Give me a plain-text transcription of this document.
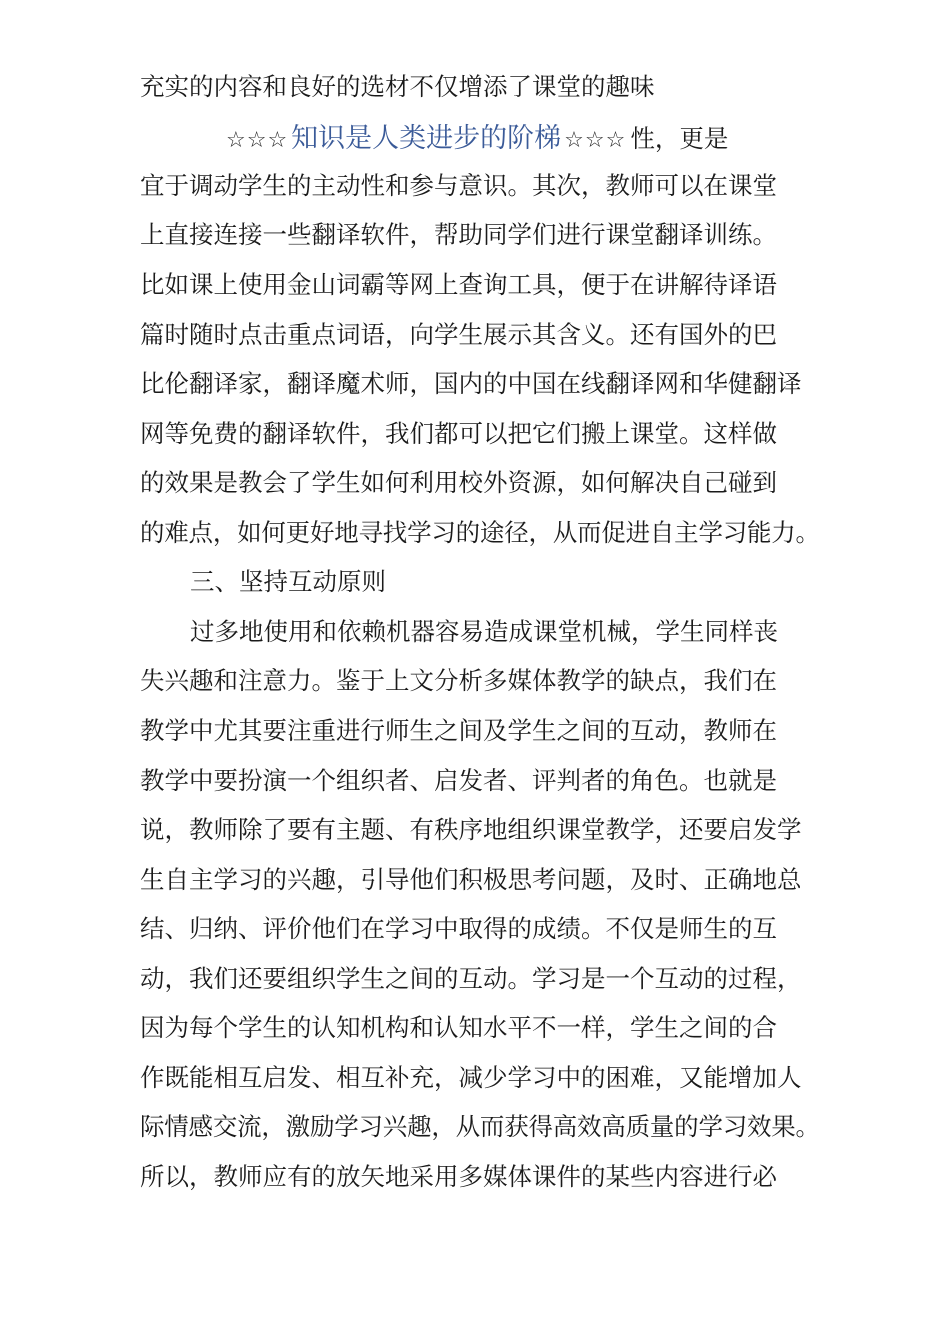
充实的内容和良好的选材不仅增添了课堂的趣味
☆☆☆ 知识是人类进步的阶梯 ☆☆☆ 性，更是
宜于调动学生的主动性和参与意识。其次，教师可以在课堂
上直接连接一些翻译软件，帮助同学们进行课堂翻译训练。
比如课上使用金山词霸等网上查询工具，便于在讲解待译语
篇时随时点击重点词语，向学生展示其含义。还有国外的巴
比伦翻译家，翻译魔术师，国内的中国在线翻译网和华健翻译
网等免费的翻译软件，我们都可以把它们搬上课堂。这样做
的效果是教会了学生如何利用校外资源，如何解决自己碰到
的难点，如何更好地寻找学习的途径，从而促进自主学习能力。
三、坚持互动原则
过多地使用和依赖机器容易造成课堂机械，学生同样丧
失兴趣和注意力。鉴于上文分析多媒体教学的缺点，我们在
教学中尤其要注重进行师生之间及学生之间的互动，教师在
教学中要扮演一个组织者、启发者、评判者的角色。也就是
说，教师除了要有主题、有秩序地组织课堂教学，还要启发学
生自主学习的兴趣，引导他们积极思考问题，及时、正确地总
结、归纳、评价他们在学习中取得的成绩。不仅是师生的互
动，我们还要组织学生之间的互动。学习是一个互动的过程，
因为每个学生的认知机构和认知水平不一样，学生之间的合
作既能相互启发、相互补充，减少学习中的困难，又能增加人
际情感交流，激励学习兴趣，从而获得高效高质量的学习效果。
所以，教师应有的放矢地采用多媒体课件的某些内容进行必
